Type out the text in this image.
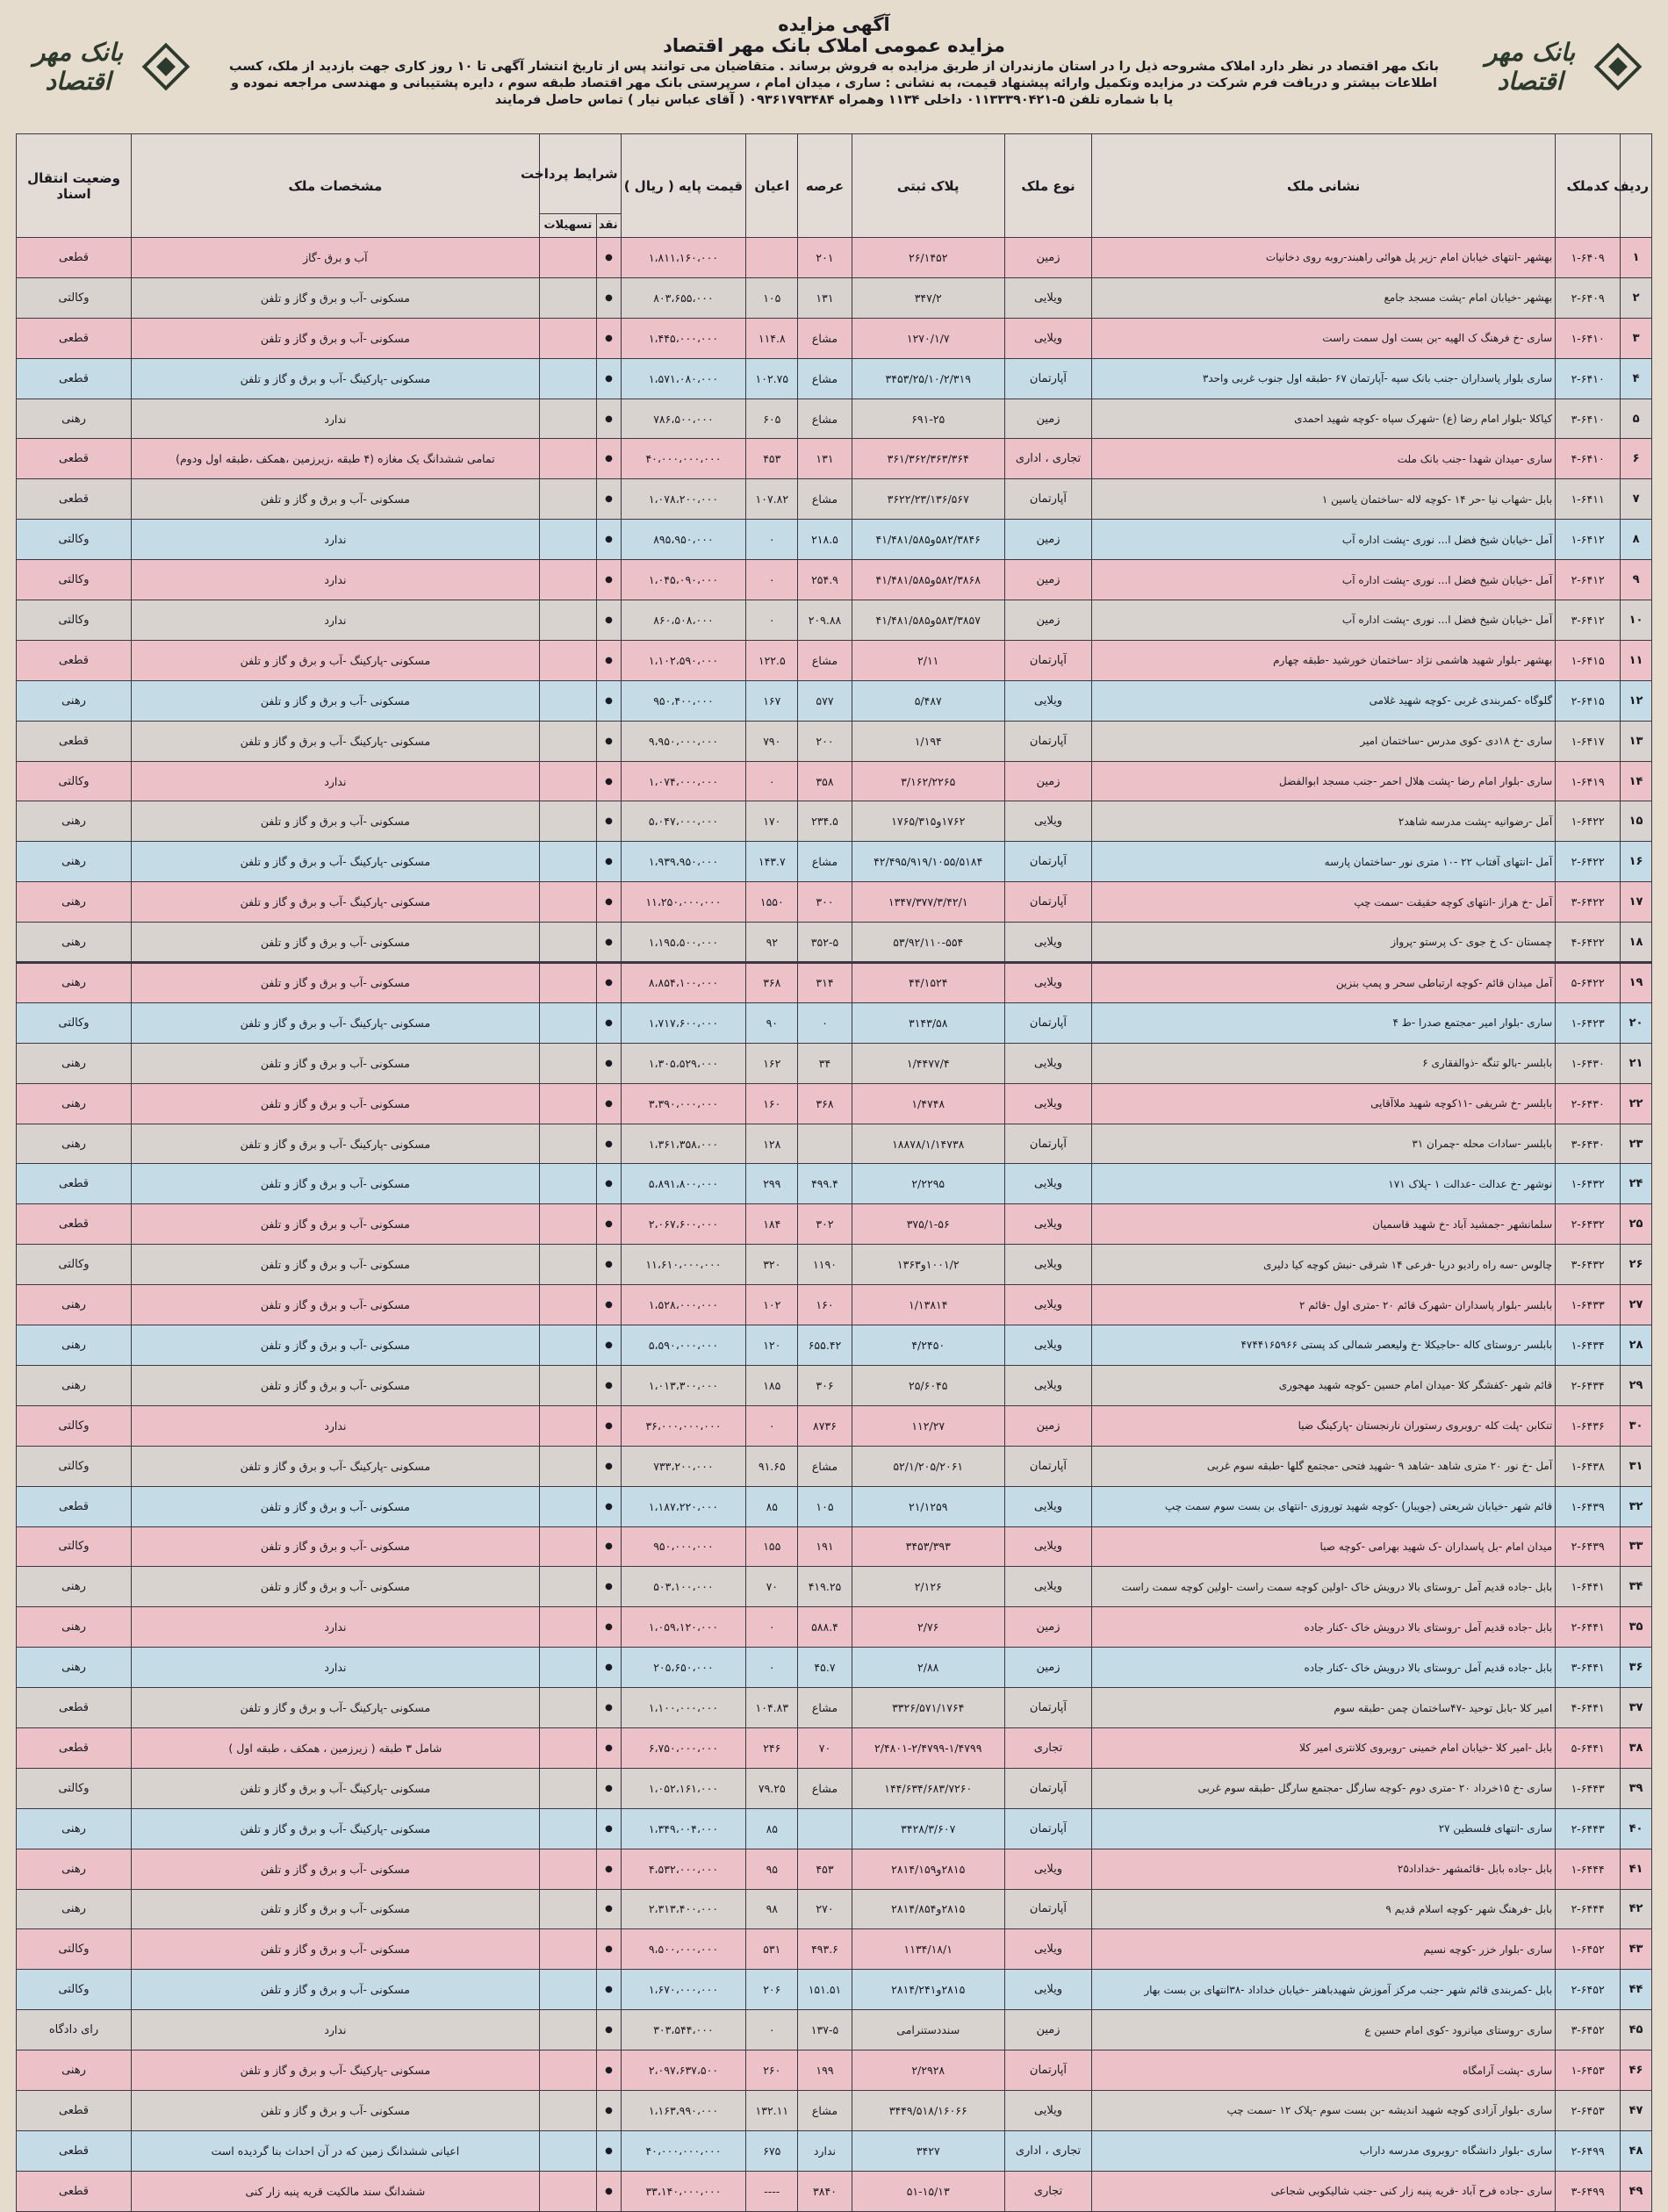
بانک مهر اقتصاد
بانک مهر اقتصاد
آگهی مزایده
مزایده عمومی املاک بانک مهر اقتصاد
بانک مهر اقتصاد در نظر دارد املاک مشروحه ذیل را در استان مازندران از طریق مزایده به فروش برساند . متقاضیان می توانند پس از تاریخ انتشار آگهی تا ۱۰ روز کاری جهت بازدید از ملک، کسب اطلاعات بیشتر و دریافت فرم شرکت در مزایده وتکمیل وارائه پیشنهاد قیمت، به نشانی : ساری ، میدان امام ، سرپرستی بانک مهر اقتصاد طبقه سوم ، دایره پشتیبانی و مهندسی مراجعه نموده و یا با شماره تلفن ۵-۰۱۱۳۳۳۹۰۴۲۱ داخلی ۱۱۳۴ وهمراه ۰۹۳۶۱۷۹۳۴۸۴ ( آقای عباس نیار ) تماس حاصل فرمایند
ردیف	کدملک	نشانی ملک	نوع ملک	پلاک ثبتی	عرصه	اعیان	قیمت پایه ( ریال )	شرایط پرداخت		مشخصات ملک	وضعیت انتقال اسناد
								نقد	تسهیلات		
۱	۱-۶۴۰۹	بهشهر -انتهای خیابان امام -زیر پل هوائی راهبند-روبه روی دخانیات	زمین	۲۶/۱۴۵۲	۲۰۱		۱،۸۱۱،۱۶۰،۰۰۰	●		آب و برق -گاز	قطعی
۲	۲-۶۴۰۹	بهشهر -خیابان امام -پشت مسجد جامع	ویلایی	۳۴۷/۲	۱۳۱	۱۰۵	۸۰۳،۶۵۵،۰۰۰	●		مسکونی -آب و برق و گاز و تلفن	وکالتی
۳	۱-۶۴۱۰	ساری -خ فرهنگ ک الهیه -بن بست اول سمت راست	ویلایی	۱۲۷۰/۱/۷	مشاع	۱۱۴.۸	۱،۴۴۵،۰۰۰،۰۰۰	●		مسکونی -آب و برق و گاز و تلفن	قطعی
۴	۲-۶۴۱۰	ساری بلوار پاسداران -جنب بانک سپه -آپارتمان ۶۷ -طبقه اول جنوب غربی واحد۳	آپارتمان	۳۴۵۳/۲۵/۱۰/۲/۳۱۹	مشاع	۱۰۲.۷۵	۱،۵۷۱،۰۸۰،۰۰۰	●		مسکونی -پارکینگ -آب و برق و گاز و تلفن	قطعی
۵	۳-۶۴۱۰	کیاکلا -بلوار امام رضا (ع) -شهرک سپاه -کوچه شهید احمدی	زمین	۶۹۱-۲۵	مشاع	۶۰۵	۷۸۶،۵۰۰،۰۰۰	●		ندارد	رهنی
۶	۴-۶۴۱۰	ساری -میدان شهدا -جنب بانک ملت	تجاری ، اداری	۳۶۱/۳۶۲/۳۶۳/۳۶۴	۱۳۱	۴۵۳	۴۰،۰۰۰،۰۰۰،۰۰۰	●		تمامی ششدانگ یک مغازه (۴ طبقه ،زیرزمین ،همکف ،طبقه اول ودوم)	قطعی
۷	۱-۶۴۱۱	بابل -شهاب نیا -حر ۱۴ -کوچه لاله -ساختمان یاسین ۱	آپارتمان	۳۶۲۲/۲۳/۱۳۶/۵۶۷	مشاع	۱۰۷.۸۲	۱،۰۷۸،۲۰۰،۰۰۰	●		مسکونی -آب و برق و گاز و تلفن	قطعی
۸	۱-۶۴۱۲	آمل -خیابان شیخ فضل ا... نوری -پشت اداره آب	زمین	۵۸۲/۳۸۴۶و۴۱/۴۸۱/۵۸۵	۲۱۸.۵	٠	۸۹۵،۹۵۰،۰۰۰	●		ندارد	وکالتی
۹	۲-۶۴۱۲	آمل -خیابان شیخ فضل ا... نوری -پشت اداره آب	زمین	۵۸۲/۳۸۶۸و۴۱/۴۸۱/۵۸۵	۲۵۴.۹	٠	۱،۰۴۵،۰۹۰،۰۰۰	●		ندارد	وکالتی
۱۰	۳-۶۴۱۲	آمل -خیابان شیخ فضل ا... نوری -پشت اداره آب	زمین	۵۸۳/۳۸۵۷و۴۱/۴۸۱/۵۸۵	۲۰۹.۸۸	٠	۸۶۰،۵۰۸،۰۰۰	●		ندارد	وکالتی
۱۱	۱-۶۴۱۵	بهشهر -بلوار شهید هاشمی نژاد -ساختمان خورشید -طبقه چهارم	آپارتمان	۲/۱۱	مشاع	۱۲۲.۵	۱،۱۰۲،۵۹۰،۰۰۰	●		مسکونی -پارکینگ -آب و برق و گاز و تلفن	قطعی
۱۲	۲-۶۴۱۵	گلوگاه -کمربندی غربی -کوچه شهید غلامی	ویلایی	۵/۴۸۷	۵۷۷	۱۶۷	۹۵۰،۴۰۰،۰۰۰	●		مسکونی -آب و برق و گاز و تلفن	رهنی
۱۳	۱-۶۴۱۷	ساری -خ ۱۸دی -کوی مدرس -ساختمان امیر	آپارتمان	۱/۱۹۴	۲۰۰	۷۹۰	۹،۹۵۰،۰۰۰،۰۰۰	●		مسکونی -پارکینگ -آب و برق و گاز و تلفن	قطعی
۱۴	۱-۶۴۱۹	ساری -بلوار امام رضا -پشت هلال احمر -جنب مسجد ابوالفضل	زمین	۳/۱۶۲/۲۲۶۵	۳۵۸	٠	۱،۰۷۴،۰۰۰،۰۰۰	●		ندارد	وکالتی
۱۵	۱-۶۴۲۲	آمل -رضوانیه -پشت مدرسه شاهد۲	ویلایی	۱۷۶۲و۱۷۶۵/۳۱۵	۲۳۴.۵	۱۷۰	۵،۰۴۷،۰۰۰،۰۰۰	●		مسکونی -آب و برق و گاز و تلفن	رهنی
۱۶	۲-۶۴۲۲	آمل -انتهای آفتاب ۲۲ -۱۰ متری نور -ساختمان پارسه	آپارتمان	۴۲/۴۹۵/۹۱۹/۱۰۵۵/۵۱۸۴	مشاع	۱۴۳.۷	۱،۹۳۹،۹۵۰،۰۰۰	●		مسکونی -پارکینگ -آب و برق و گاز و تلفن	رهنی
۱۷	۳-۶۴۲۲	آمل -خ هراز -انتهای کوچه حقیقت -سمت چپ	آپارتمان	۱۳۴۷/۳۷۷/۳/۴۲/۱	۳۰۰	۱۵۵۰	۱۱،۲۵۰،۰۰۰،۰۰۰	●		مسکونی -پارکینگ -آب و برق و گاز و تلفن	رهنی
۱۸	۴-۶۴۲۲	چمستان -ک خ جوی -ک پرستو -پرواز	ویلایی	۵۳/۹۲/۱۱۰-۵۵۴	۳۵۲-۵	۹۲	۱،۱۹۵،۵۰۰،۰۰۰	●		مسکونی -آب و برق و گاز و تلفن	رهنی
۱۹	۵-۶۴۲۲	آمل میدان قائم -کوچه ارتباطی سحر و پمپ بنزین	ویلایی	۴۴/۱۵۲۴	۳۱۴	۳۶۸	۸،۸۵۴،۱۰۰،۰۰۰	●		مسکونی -آب و برق و گاز و تلفن	رهنی
۲۰	۱-۶۴۲۳	ساری -بلوار امیر -مجتمع صدرا -ط ۴	آپارتمان	۳۱۴۳/۵۸	٠	۹۰	۱،۷۱۷،۶۰۰،۰۰۰	●		مسکونی -پارکینگ -آب و برق و گاز و تلفن	وکالتی
۲۱	۱-۶۴۳۰	بابلسر -بالو تنگه -ذوالفقاری ۶	ویلایی	۱/۴۴۷۷/۴	۳۴	۱۶۲	۱،۳۰۵،۵۲۹،۰۰۰	●		مسکونی -آب و برق و گاز و تلفن	رهنی
۲۲	۲-۶۴۳۰	بابلسر -خ شریفی -۱۱کوچه شهید ملاآقایی	ویلایی	۱/۴۷۴۸	۳۶۸	۱۶۰	۳،۳۹۰،۰۰۰،۰۰۰	●		مسکونی -آب و برق و گاز و تلفن	رهنی
۲۳	۳-۶۴۳۰	بابلسر -سادات محله -چمران ۳۱	آپارتمان	۱۸۸۷۸/۱/۱۴۷۳۸		۱۲۸	۱،۳۶۱،۳۵۸،۰۰۰	●		مسکونی -پارکینگ -آب و برق و گاز و تلفن	رهنی
۲۴	۱-۶۴۳۲	نوشهر -خ عدالت -عدالت ۱ -پلاک ۱۷۱	ویلایی	۲/۲۲۹۵	۴۹۹.۴	۲۹۹	۵،۸۹۱،۸۰۰،۰۰۰	●		مسکونی -آب و برق و گاز و تلفن	قطعی
۲۵	۲-۶۴۳۲	سلمانشهر -جمشید آباد -خ شهید قاسمیان	ویلایی	۳۷۵/۱-۵۶	۳۰۲	۱۸۴	۲،۰۶۷،۶۰۰،۰۰۰	●		مسکونی -آب و برق و گاز و تلفن	قطعی
۲۶	۳-۶۴۳۲	چالوس -سه راه رادیو دریا -فرعی ۱۴ شرقی -نبش کوچه کیا دلیری	ویلایی	۱۰۰۱/۲و۱۳۶۳	۱۱۹۰	۳۲۰	۱۱،۶۱۰،۰۰۰،۰۰۰	●		مسکونی -آب و برق و گاز و تلفن	وکالتی
۲۷	۱-۶۴۳۳	بابلسر -بلوار پاسداران -شهرک قائم ۲۰ -متری اول -قائم ۲	ویلایی	۱/۱۳۸۱۴	۱۶۰	۱۰۲	۱،۵۲۸،۰۰۰،۰۰۰	●		مسکونی -آب و برق و گاز و تلفن	رهنی
۲۸	۱-۶۴۳۴	بابلسر -روستای کاله -حاجیکلا -خ ولیعصر شمالی کد پستی ۴۷۴۴۱۶۵۹۶۶	ویلایی	۴/۲۴۵۰	۶۵۵.۴۲	۱۲۰	۵،۵۹۰،۰۰۰،۰۰۰	●		مسکونی -آب و برق و گاز و تلفن	رهنی
۲۹	۲-۶۴۳۴	قائم شهر -کفشگر کلا -میدان امام حسین -کوچه شهید مهجوری	ویلایی	۲۵/۶۰۴۵	۳۰۶	۱۸۵	۱،۰۱۳،۳۰۰،۰۰۰	●		مسکونی -آب و برق و گاز و تلفن	رهنی
۳۰	۱-۶۴۳۶	تنکابن -پلت کله -روبروی رستوران نارنجستان -پارکینگ ضیا	زمین	۱۱۲/۲۷	۸۷۳۶	٠	۳۶،۰۰۰،۰۰۰،۰۰۰	●		ندارد	وکالتی
۳۱	۱-۶۴۳۸	آمل -خ نور ۲۰ متری شاهد -شاهد ۹ -شهید فتحی -مجتمع گلها -طبقه سوم غربی	آپارتمان	۵۲/۱/۲۰۵/۲۰۶۱	مشاع	۹۱.۶۵	۷۳۳،۲۰۰،۰۰۰	●		مسکونی -پارکینگ -آب و برق و گاز و تلفن	وکالتی
۳۲	۱-۶۴۳۹	قائم شهر -خیابان شریعتی (جویبار) -کوچه شهید توروزی -انتهای بن بست سوم سمت چپ	ویلایی	۲۱/۱۲۵۹	۱۰۵	۸۵	۱،۱۸۷،۲۲۰،۰۰۰	●		مسکونی -آب و برق و گاز و تلفن	قطعی
۳۳	۲-۶۴۳۹	میدان امام -بل پاسداران -ک شهید بهرامی -کوچه صبا	ویلایی	۳۴۵۳/۳۹۳	۱۹۱	۱۵۵	۹۵۰،۰۰۰،۰۰۰	●		مسکونی -آب و برق و گاز و تلفن	وکالتی
۳۴	۱-۶۴۴۱	بابل -جاده قدیم آمل -روستای بالا درویش خاک -اولین کوچه سمت راست -اولین کوچه سمت راست	ویلایی	۲/۱۲۶	۴۱۹.۲۵	۷۰	۵۰۳،۱۰۰،۰۰۰	●		مسکونی -آب و برق و گاز و تلفن	رهنی
۳۵	۲-۶۴۴۱	بابل -جاده قدیم آمل -روستای بالا درویش خاک -کنار جاده	زمین	۲/۷۶	۵۸۸.۴	٠	۱،۰۵۹،۱۲۰،۰۰۰	●		ندارد	رهنی
۳۶	۳-۶۴۴۱	بابل -جاده قدیم آمل -روستای بالا درویش خاک -کنار جاده	زمین	۲/۸۸	۴۵.۷	٠	۲۰۵،۶۵۰،۰۰۰	●		ندارد	رهنی
۳۷	۴-۶۴۴۱	امیر کلا -بابل توحید -۴۷ساختمان چمن -طبقه سوم	آپارتمان	۳۳۲۶/۵۷۱/۱۷۶۴	مشاع	۱۰۴.۸۳	۱،۱۰۰،۰۰۰،۰۰۰	●		مسکونی -پارکینگ -آب و برق و گاز و تلفن	قطعی
۳۸	۵-۶۴۴۱	بابل -امیر کلا -خیابان امام خمینی -روبروی کلانتری امیر کلا	تجاری	۲/۴۸۰۱-۲/۴۷۹۹-۱/۴۷۹۹	۷۰	۲۴۶	۶،۷۵۰،۰۰۰،۰۰۰	●		شامل ۳ طبقه ( زیرزمین ، همکف ، طبقه اول )	قطعی
۳۹	۱-۶۴۴۳	ساری -خ ۱۵خرداد ۲۰ -متری دوم -کوچه سارگل -مجتمع سارگل -طبقه سوم غربی	آپارتمان	۱۴۴/۶۳۴/۶۸۳/۷۲۶۰	مشاع	۷۹.۲۵	۱،۰۵۲،۱۶۱،۰۰۰	●		مسکونی -پارکینگ -آب و برق و گاز و تلفن	وکالتی
۴۰	۲-۶۴۴۳	ساری -انتهای فلسطین ۲۷	آپارتمان	۳۴۲۸/۳/۶۰۷		۸۵	۱،۳۴۹،۰۰۴،۰۰۰	●		مسکونی -پارکینگ -آب و برق و گاز و تلفن	رهنی
۴۱	۱-۶۴۴۴	بابل -جاده بابل -قائمشهر -خداداد۲۵	ویلایی	۲۸۱۵و۲۸۱۴/۱۵۹	۴۵۳	۹۵	۴،۵۳۲،۰۰۰،۰۰۰	●		مسکونی -آب و برق و گاز و تلفن	رهنی
۴۲	۲-۶۴۴۴	بابل -فرهنگ شهر -کوچه اسلام قدیم ۹	آپارتمان	۲۸۱۵و۲۸۱۴/۸۵۴	۲۷۰	۹۸	۲،۳۱۳،۴۰۰،۰۰۰	●		مسکونی -آب و برق و گاز و تلفن	رهنی
۴۳	۱-۶۴۵۲	ساری -بلوار خزر -کوچه نسیم	ویلایی	۱۱۳۴/۱۸/۱	۴۹۳.۶	۵۳۱	۹،۵۰۰،۰۰۰،۰۰۰	●		مسکونی -آب و برق و گاز و تلفن	وکالتی
۴۴	۲-۶۴۵۲	بابل -کمربندی قائم شهر -جنب مرکز آموزش شهیدباهنر -خیابان خداداد -۳۸انتهای بن بست بهار	ویلایی	۲۸۱۵و۲۸۱۴/۲۴۱	۱۵۱.۵۱	۲۰۶	۱،۶۷۰،۰۰۰،۰۰۰	●		مسکونی -آب و برق و گاز و تلفن	وکالتی
۴۵	۳-۶۴۵۲	ساری -روستای میانرود -کوی امام حسین ع	زمین	سنددستنرامی	۱۳۷-۵	٠	۳۰۳،۵۴۴،۰۰۰	●		ندارد	رای دادگاه
۴۶	۱-۶۴۵۳	ساری -پشت آرامگاه	آپارتمان	۲/۲۹۲۸	۱۹۹	۲۶۰	۲،۰۹۷،۶۳۷،۵۰۰	●		مسکونی -پارکینگ -آب و برق و گاز و تلفن	رهنی
۴۷	۲-۶۴۵۳	ساری -بلوار آزادی کوچه شهید اندیشه -بن بست سوم -پلاک ۱۲ -سمت چپ	ویلایی	۳۴۴۹/۵۱۸/۱۶۰۶۶	مشاع	۱۳۲.۱۱	۱،۱۶۳،۹۹۰،۰۰۰	●		مسکونی -آب و برق و گاز و تلفن	قطعی
۴۸	۲-۶۴۹۹	ساری -بلوار دانشگاه -روبروی مدرسه داراب	تجاری ، اداری	۳۴۲۷	ندارد	۶۷۵	۴۰،۰۰۰،۰۰۰،۰۰۰	●		اعیانی ششدانگ زمین که در آن احداث بنا گردیده است	قطعی
۴۹	۳-۶۴۹۹	ساری -جاده فرح آباد -قریه پنبه زار کنی -جنب شالیکوبی شجاعی	تجاری	۵۱-۱۵/۱۳	۳۸۴۰	----	۳۳،۱۴۰،۰۰۰،۰۰۰	●		ششدانگ سند مالکیت قریه پنبه زار کنی	قطعی
